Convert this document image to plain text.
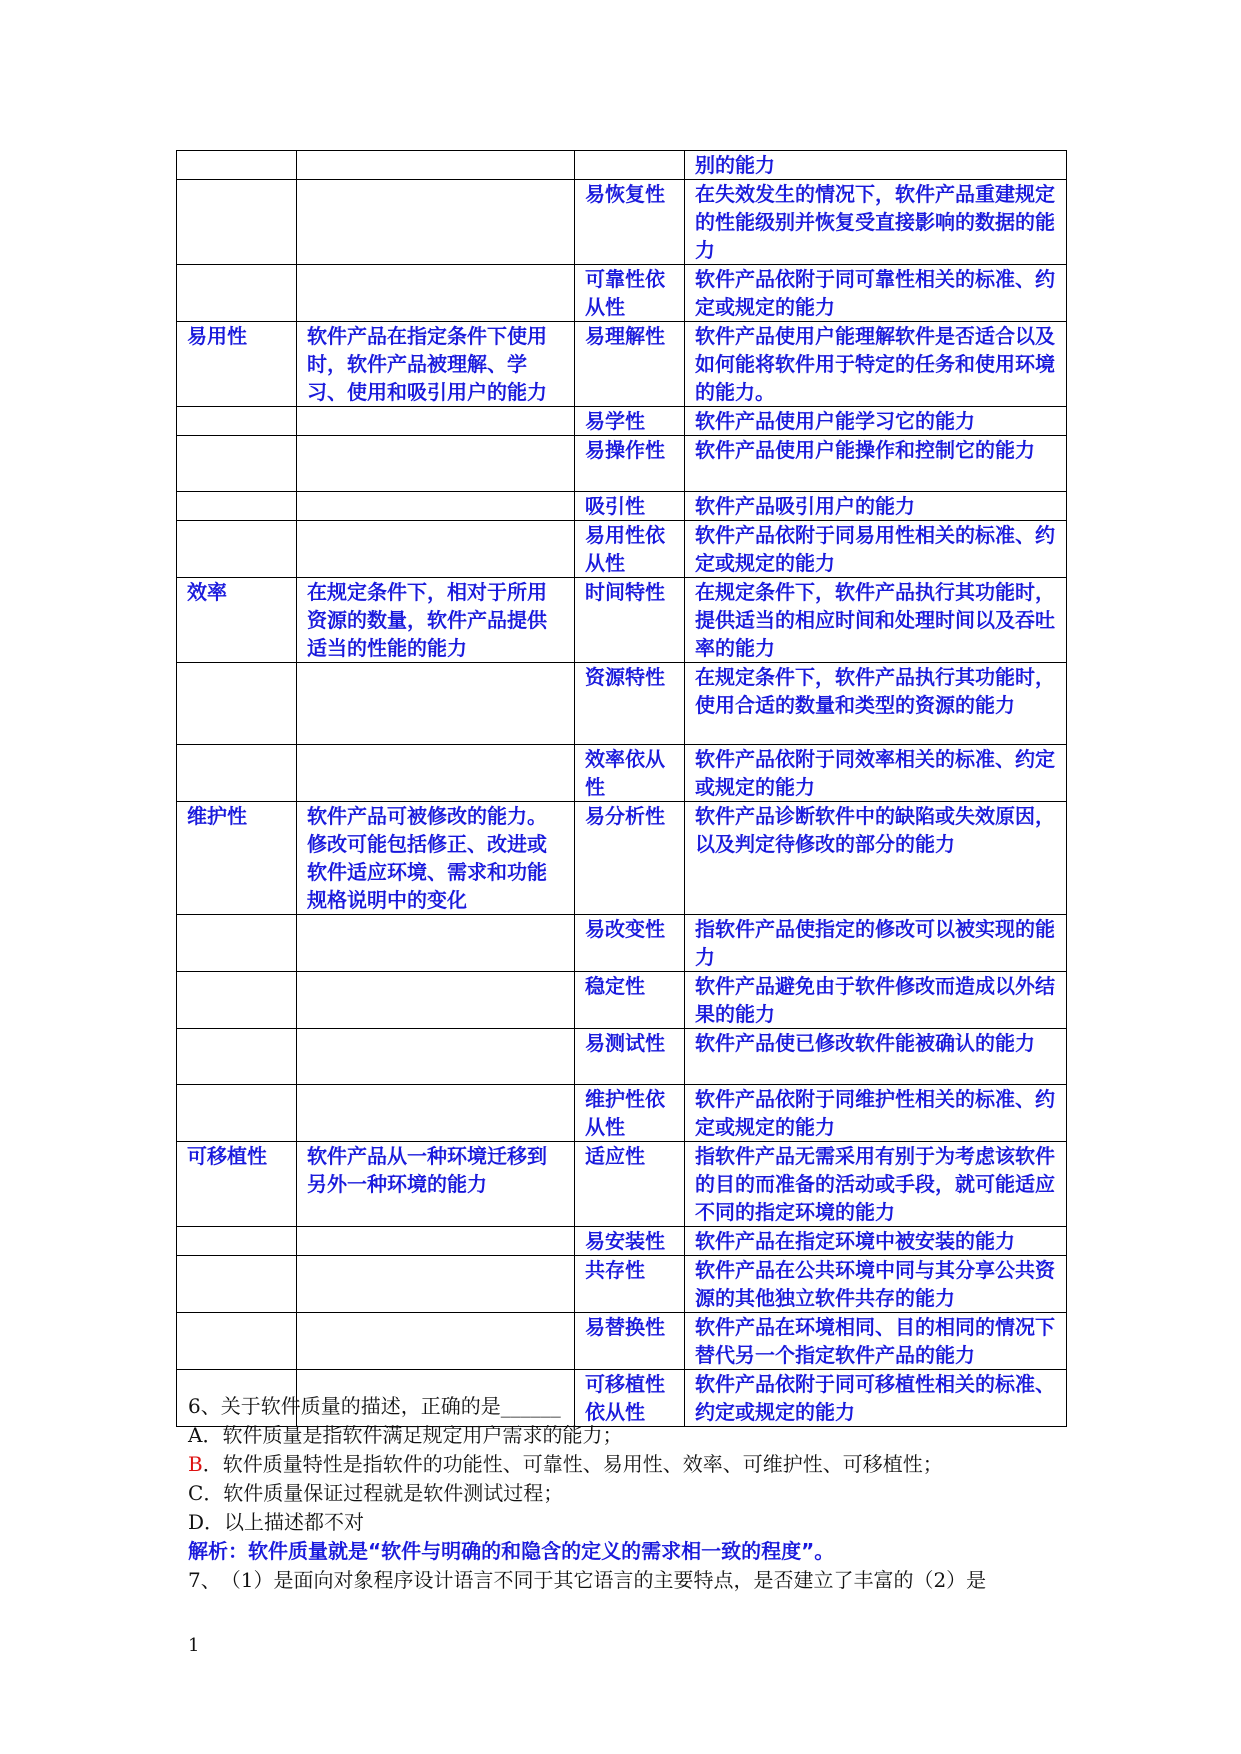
			别的能力
		易恢复性	在失效发生的情况下，软件产品重建规定的性能级别并恢复受直接影响的数据的能力
		可靠性依从性	软件产品依附于同可靠性相关的标准、约定或规定的能力
易用性	软件产品在指定条件下使用时，软件产品被理解、学习、使用和吸引用户的能力	易理解性	软件产品使用户能理解软件是否适合以及如何能将软件用于特定的任务和使用环境的能力。
		易学性	软件产品使用户能学习它的能力
		易操作性	软件产品使用户能操作和控制它的能力
		吸引性	软件产品吸引用户的能力
		易用性依从性	软件产品依附于同易用性相关的标准、约定或规定的能力
效率	在规定条件下，相对于所用资源的数量，软件产品提供适当的性能的能力	时间特性	在规定条件下，软件产品执行其功能时，提供适当的相应时间和处理时间以及吞吐率的能力
		资源特性	在规定条件下，软件产品执行其功能时，使用合适的数量和类型的资源的能力
		效率依从性	软件产品依附于同效率相关的标准、约定或规定的能力
维护性	软件产品可被修改的能力。修改可能包括修正、改进或软件适应环境、需求和功能规格说明中的变化	易分析性	软件产品诊断软件中的缺陷或失效原因，以及判定待修改的部分的能力
		易改变性	指软件产品使指定的修改可以被实现的能力
		稳定性	软件产品避免由于软件修改而造成以外结果的能力
		易测试性	软件产品使已修改软件能被确认的能力
		维护性依从性	软件产品依附于同维护性相关的标准、约定或规定的能力
可移植性	软件产品从一种环境迁移到另外一种环境的能力	适应性	指软件产品无需采用有别于为考虑该软件的目的而准备的活动或手段，就可能适应不同的指定环境的能力
		易安装性	软件产品在指定环境中被安装的能力
		共存性	软件产品在公共环境中同与其分享公共资源的其他独立软件共存的能力
		易替换性	软件产品在环境相同、目的相同的情况下替代另一个指定软件产品的能力
		可移植性依从性	软件产品依附于同可移植性相关的标准、约定或规定的能力

6、关于软件质量的描述，正确的是______

A．软件质量是指软件满足规定用户需求的能力；

B．软件质量特性是指软件的功能性、可靠性、易用性、效率、可维护性、可移植性；

C．软件质量保证过程就是软件测试过程；

D．以上描述都不对

解析：软件质量就是“软件与明确的和隐含的定义的需求相一致的程度”。

7、　（1）是面向对象程序设计语言不同于其它语言的主要特点，是否建立了丰富的（2）是

1
